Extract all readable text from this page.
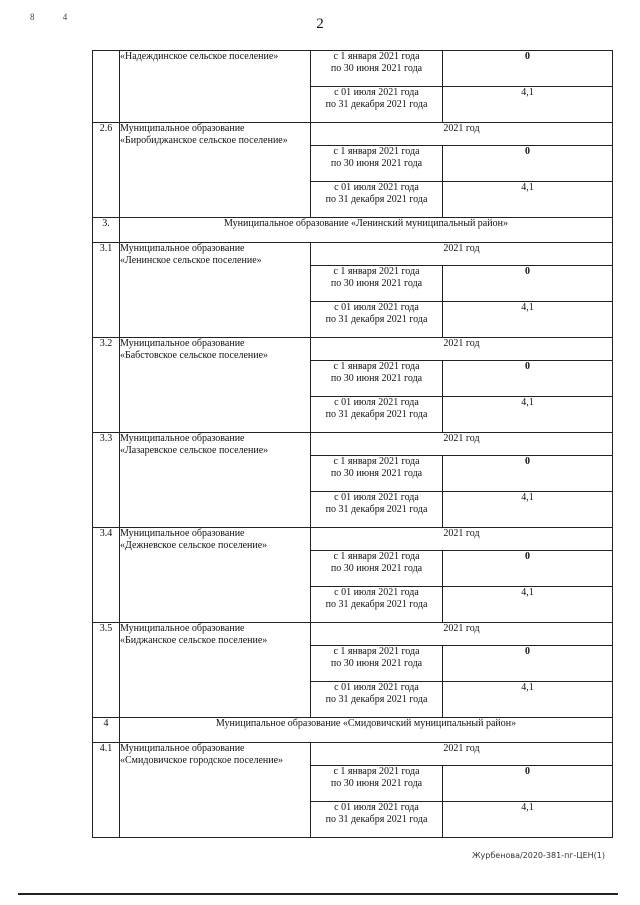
8	4	2

	«Надеждинское сельское поселение»	с 1 января 2021 года
по 30 июня 2021 года	0

		с 01 июля 2021 года
по 31 декабря 2021 года	4,1
2.6	Муниципальное образование
«Биробиджанское сельское поселение»	2021 год	

		с 1 января 2021 года
по 30 июня 2021 года	0

		с 01 июля 2021 года
по 31 декабря 2021 года	4,1
3.	Муниципальное образование «Ленинский муниципальный район»		
3.1	Муниципальное образование
«Ленинское сельское поселение»	2021 год	

		с 1 января 2021 года
по 30 июня 2021 года	0

		с 01 июля 2021 года
по 31 декабря 2021 года	4,1
3.2	Муниципальное образование
«Бабстовское сельское поселение»	2021 год	

		с 1 января 2021 года
по 30 июня 2021 года	0

		с 01 июля 2021 года
по 31 декабря 2021 года	4,1
3.3	Муниципальное образование
«Лазаревское сельское поселение»	2021 год	

		с 1 января 2021 года
по 30 июня 2021 года	0

		с 01 июля 2021 года
по 31 декабря 2021 года	4,1
3.4	Муниципальное образование
«Дежневское сельское поселение»	2021 год	

		с 1 января 2021 года
по 30 июня 2021 года	0

		с 01 июля 2021 года
по 31 декабря 2021 года	4,1
3.5	Муниципальное образование
«Биджанское сельское поселение»	2021 год	

		с 1 января 2021 года
по 30 июня 2021 года	0

		с 01 июля 2021 года
по 31 декабря 2021 года	4,1
4	Муниципальное образование «Смидовичский муниципальный район»		
4.1	Муниципальное образование
«Смидовичское городское поселение»	2021 год	

		с 1 января 2021 года
по 30 июня 2021 года	0

		с 01 июля 2021 года
по 31 декабря 2021 года	4,1
Журбенова/2020-381-пг-ЦЕН(1)
